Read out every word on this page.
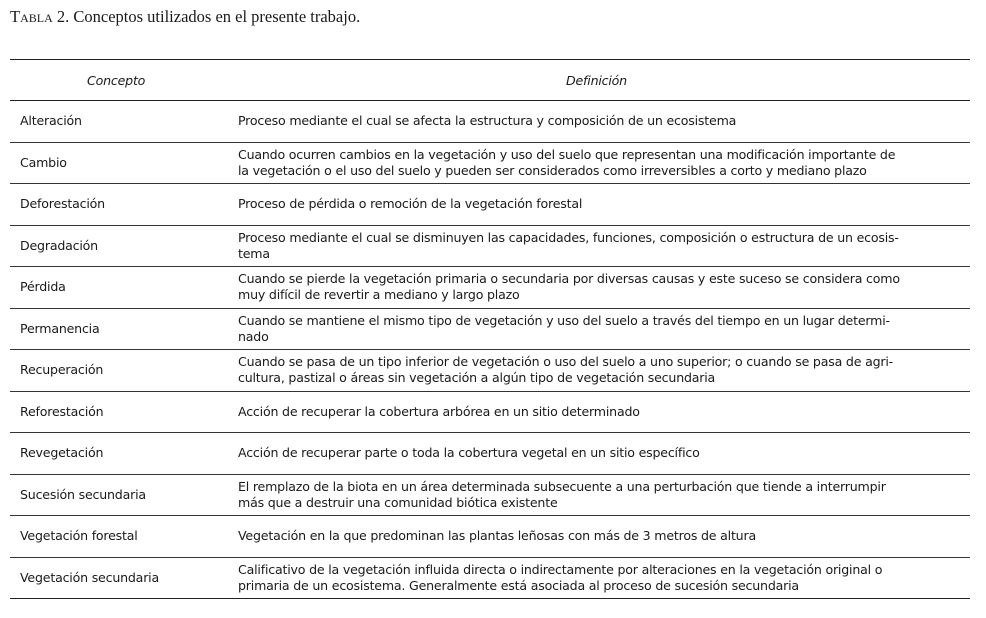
Tabla 2. Conceptos utilizados en el presente trabajo.
Concepto	Definición
Alteración	Proceso mediante el cual se afecta la estructura y composición de un ecosistema
Cambio	Cuando ocurren cambios en la vegetación y uso del suelo que representan una modificación importante de
la vegetación o el uso del suelo y pueden ser considerados como irreversibles a corto y mediano plazo
Deforestación	Proceso de pérdida o remoción de la vegetación forestal
Degradación	Proceso mediante el cual se disminuyen las capacidades, funciones, composición o estructura de un ecosis-
tema
Pérdida	Cuando se pierde la vegetación primaria o secundaria por diversas causas y este suceso se considera como
muy difícil de revertir a mediano y largo plazo
Permanencia	Cuando se mantiene el mismo tipo de vegetación y uso del suelo a través del tiempo en un lugar determi-
nado
Recuperación	Cuando se pasa de un tipo inferior de vegetación o uso del suelo a uno superior; o cuando se pasa de agri-
cultura, pastizal o áreas sin vegetación a algún tipo de vegetación secundaria
Reforestación	Acción de recuperar la cobertura arbórea en un sitio determinado
Revegetación	Acción de recuperar parte o toda la cobertura vegetal en un sitio específico
Sucesión secundaria	El remplazo de la biota en un área determinada subsecuente a una perturbación que tiende a interrumpir
más que a destruir una comunidad biótica existente
Vegetación forestal	Vegetación en la que predominan las plantas leñosas con más de 3 metros de altura
Vegetación secundaria	Calificativo de la vegetación influida directa o indirectamente por alteraciones en la vegetación original o
primaria de un ecosistema. Generalmente está asociada al proceso de sucesión secundaria
